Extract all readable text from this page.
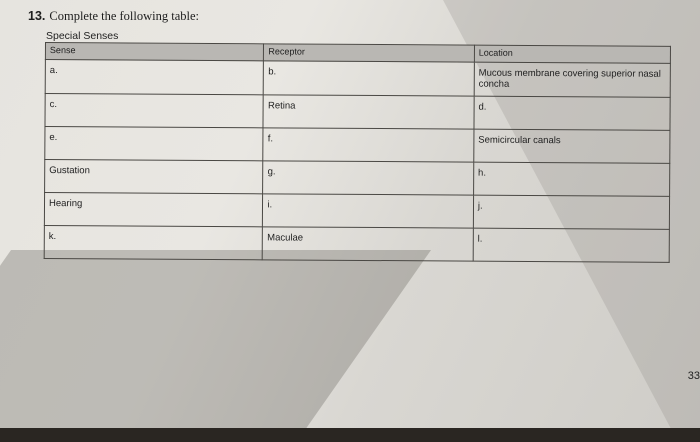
13. Complete the following table:
Special Senses
Sense	Receptor	Location
a.	b.	Mucous membrane covering superior nasal concha
c.	Retina	d.
e.	f.	Semicircular canals
Gustation	g.	h.
Hearing	i.	j.
k.	Maculae	l.
33
